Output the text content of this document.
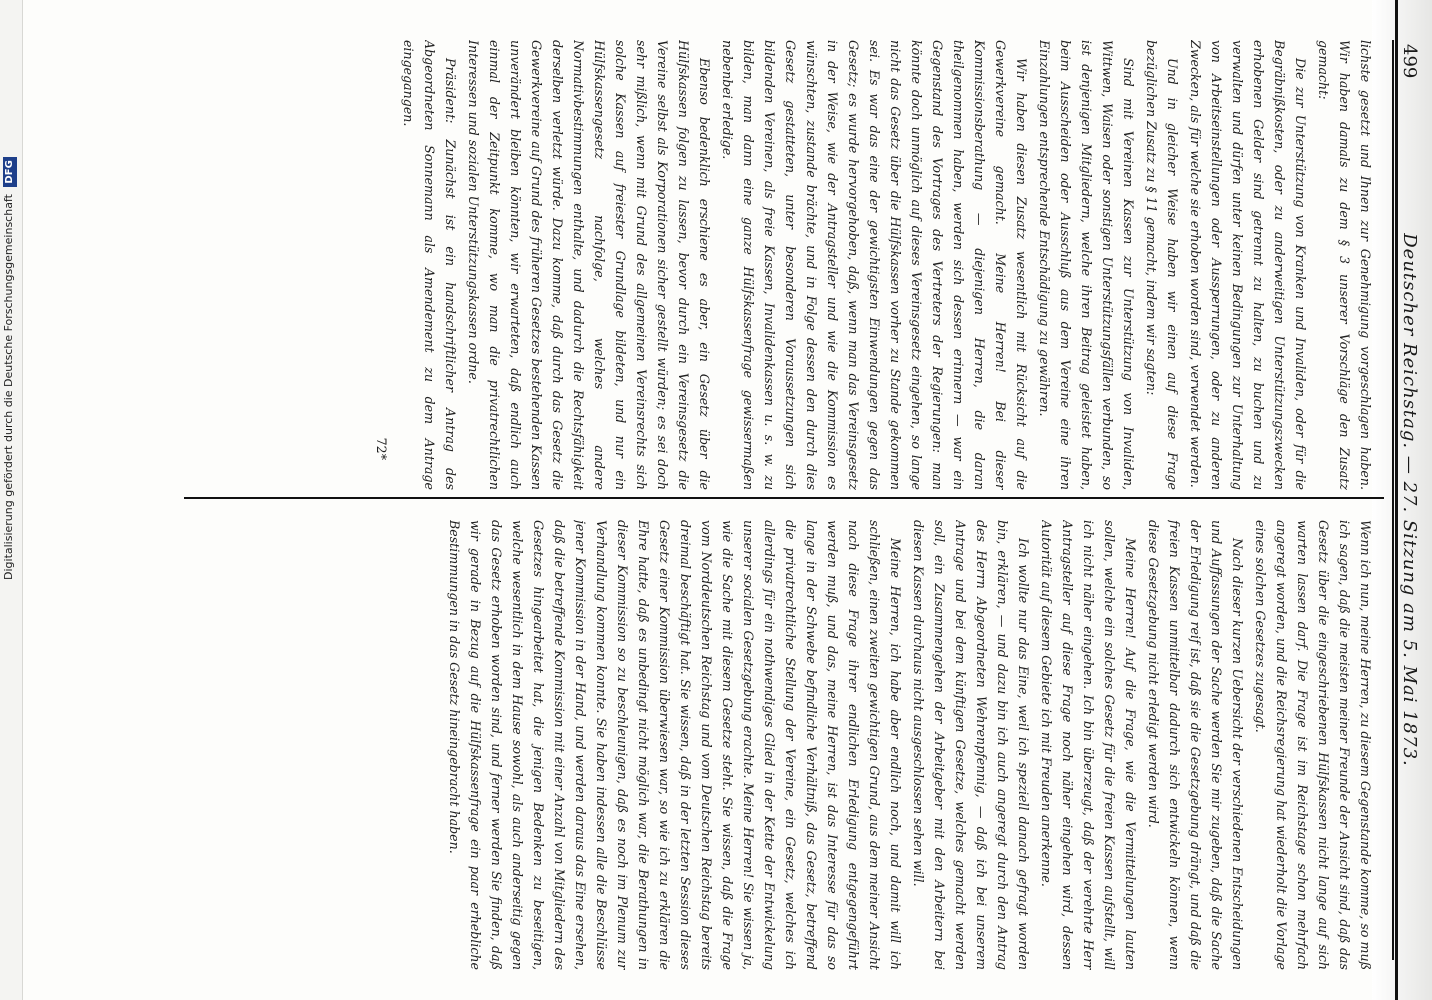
Digitalisierung gefördert durch die Deutsche Forschungsgemeinschaft DFG
499
Deutscher Reichstag. — 27. Sitzung am 5. Mai 1873.

lichste gesetzt und Ihnen zur Genehmigung vorgeschlagen haben. Wir haben damals zu dem § 3 unserer Vorschläge den Zusatz gemacht:

Die zur Unterstützung von Kranken und Invaliden, oder für die Begräbnißkosten, oder zu anderweitigen Unterstützungszwecken erhobenen Gelder sind getrennt zu halten, zu buchen und zu verwalten und dürfen unter keinen Bedingungen zur Unterhaltung von Arbeitseinstellungen oder Aussperrungen, oder zu anderen Zwecken, als für welche sie erhoben worden sind, verwendet werden.

Und in gleicher Weise haben wir einen auf diese Frage bezüglichen Zusatz zu § 11 gemacht, indem wir sagten:

Sind mit Vereinen Kassen zur Unterstützung von Invaliden, Wittwen, Waisen oder sonstigen Unterstützungsfällen verbunden, so ist denjenigen Mitgliedern, welche ihren Beitrag geleistet haben, beim Ausscheiden oder Ausschluß aus dem Vereine eine ihren Einzahlungen entsprechende Entschädigung zu gewähren.

Wir haben diesen Zusatz wesentlich mit Rücksicht auf die Gewerkvereine gemacht. Meine Herren! Bei dieser Kommissionsberathung — diejenigen Herren, die daran theilgenommen haben, werden sich dessen erinnern — war ein Gegenstand des Vortrages des Vertreters der Regierungen: man könnte doch unmöglich auf dieses Vereinsgesetz eingehen, so lange nicht das Gesetz über die Hülfskassen vorher zu Stande gekommen sei. Es war das eine der gewichtigsten Einwendungen gegen das Gesetz; es wurde hervorgehoben, daß, wenn man das Vereinsgesetz in der Weise, wie der Antragsteller und wie die Kommission es wünschten, zustande brächte, und in Folge dessen den durch dies Gesetz gestatteten, unter besonderen Voraussetzungen sich bildenden Vereinen, als freie Kassen, Invalidenkassen u. s. w. zu bilden, man dann eine ganze Hülfskassenfrage gewissermaßen nebenbei erledige.

Ebenso bedenklich erschiene es aber, ein Gesetz über die Hülfskassen folgen zu lassen, bevor durch ein Vereinsgesetz die Vereine selbst als Korporationen sicher gestellt würden; es sei doch sehr mißlich, wenn mit Grund des allgemeinen Vereinsrechts sich solche Kassen auf freiester Grundlage bildeten, und nur ein Hülfskassengesetz nachfolge, welches andere Normativbestimmungen enthalte, und dadurch die Rechtsfähigkeit derselben verletzt würde. Dazu komme, daß durch das Gesetz die Gewerkvereine auf Grund des früheren Gesetzes bestehenden Kassen unverändert bleiben könnten, wir erwarteten, daß endlich auch einmal der Zeitpunkt komme, wo man die privatrechtlichen Interessen und sozialen Unterstützungskassen ordne.

Präsident: Zunächst ist ein handschriftlicher Antrag des Abgeordneten Sonnemann als Amendement zu dem Antrage eingegangen.

72*

Wenn ich nun, meine Herren, zu diesem Gegenstande komme, so muß ich sagen, daß die meisten meiner Freunde der Ansicht sind, daß das Gesetz über die eingeschriebenen Hülfskassen nicht lange auf sich warten lassen darf. Die Frage ist im Reichstage schon mehrfach angeregt worden, und die Reichsregierung hat wiederholt die Vorlage eines solchen Gesetzes zugesagt.

Nach dieser kurzen Uebersicht der verschiedenen Entscheidungen und Auffassungen der Sache werden Sie mir zugeben, daß die Sache der Erledigung reif ist, daß sie die Gesetzgebung drängt, und daß die freien Kassen unmittelbar dadurch sich entwickeln können, wenn diese Gesetzgebung nicht erledigt werden wird.

Meine Herren! Auf die Frage, wie die Vermittelungen lauten sollen, welche ein solches Gesetz für die freien Kassen aufstellt, will ich nicht näher eingehen. Ich bin überzeugt, daß der verehrte Herr Antragsteller auf diese Frage noch näher eingehen wird, dessen Autorität auf diesem Gebiete ich mit Freuden anerkenne.

Ich wollte nur das Eine, weil ich speziell danach gefragt worden bin, erklären, — und dazu bin ich auch angeregt durch den Antrag des Herrn Abgeordneten Wehrenpfennig, — daß ich bei unserem Antrage und bei dem künftigen Gesetze, welches gemacht werden soll, ein Zusammengehen der Arbeitgeber mit den Arbeitern bei diesen Kassen durchaus nicht ausgeschlossen sehen will.

Meine Herren, ich habe aber endlich noch, und damit will ich schließen, einen zweiten gewichtigen Grund, aus dem meiner Ansicht nach diese Frage ihrer endlichen Erledigung entgegengeführt werden muß, und das, meine Herren, ist das Interesse für das so lange in der Schwebe befindliche Verhältniß, das Gesetz, betreffend die privatrechtliche Stellung der Vereine, ein Gesetz, welches ich allerdings für ein nothwendiges Glied in der Kette der Entwickelung unserer socialen Gesetzgebung erachte. Meine Herren! Sie wissen ja, wie die Sache mit diesem Gesetze steht. Sie wissen, daß die Frage vom Norddeutschen Reichstag und vom Deutschen Reichstag bereits dreimal beschäftigt hat. Sie wissen, daß in der letzten Session dieses Gesetz einer Kommission überwiesen war, so wie ich zu erklären die Ehre hatte, daß es unbedingt nicht möglich war, die Berathungen in dieser Kommission so zu beschleunigen, daß es noch im Plenum zur Verhandlung kommen konnte. Sie haben indessen alle die Beschlüsse jener Kommission in der Hand, und werden daraus das Eine ersehen, daß die betreffende Kommission mit einer Anzahl von Mitgliedern des Gesetzes hingearbeitet hat, die jenigen Bedenken zu beseitigen, welche wesentlich in dem Hause sowohl, als auch anderseitig gegen das Gesetz erhoben worden sind, und ferner werden Sie finden, daß wir gerade in Bezug auf die Hülfskassenfrage ein paar erhebliche Bestimmungen in das Gesetz hineingebracht haben.
